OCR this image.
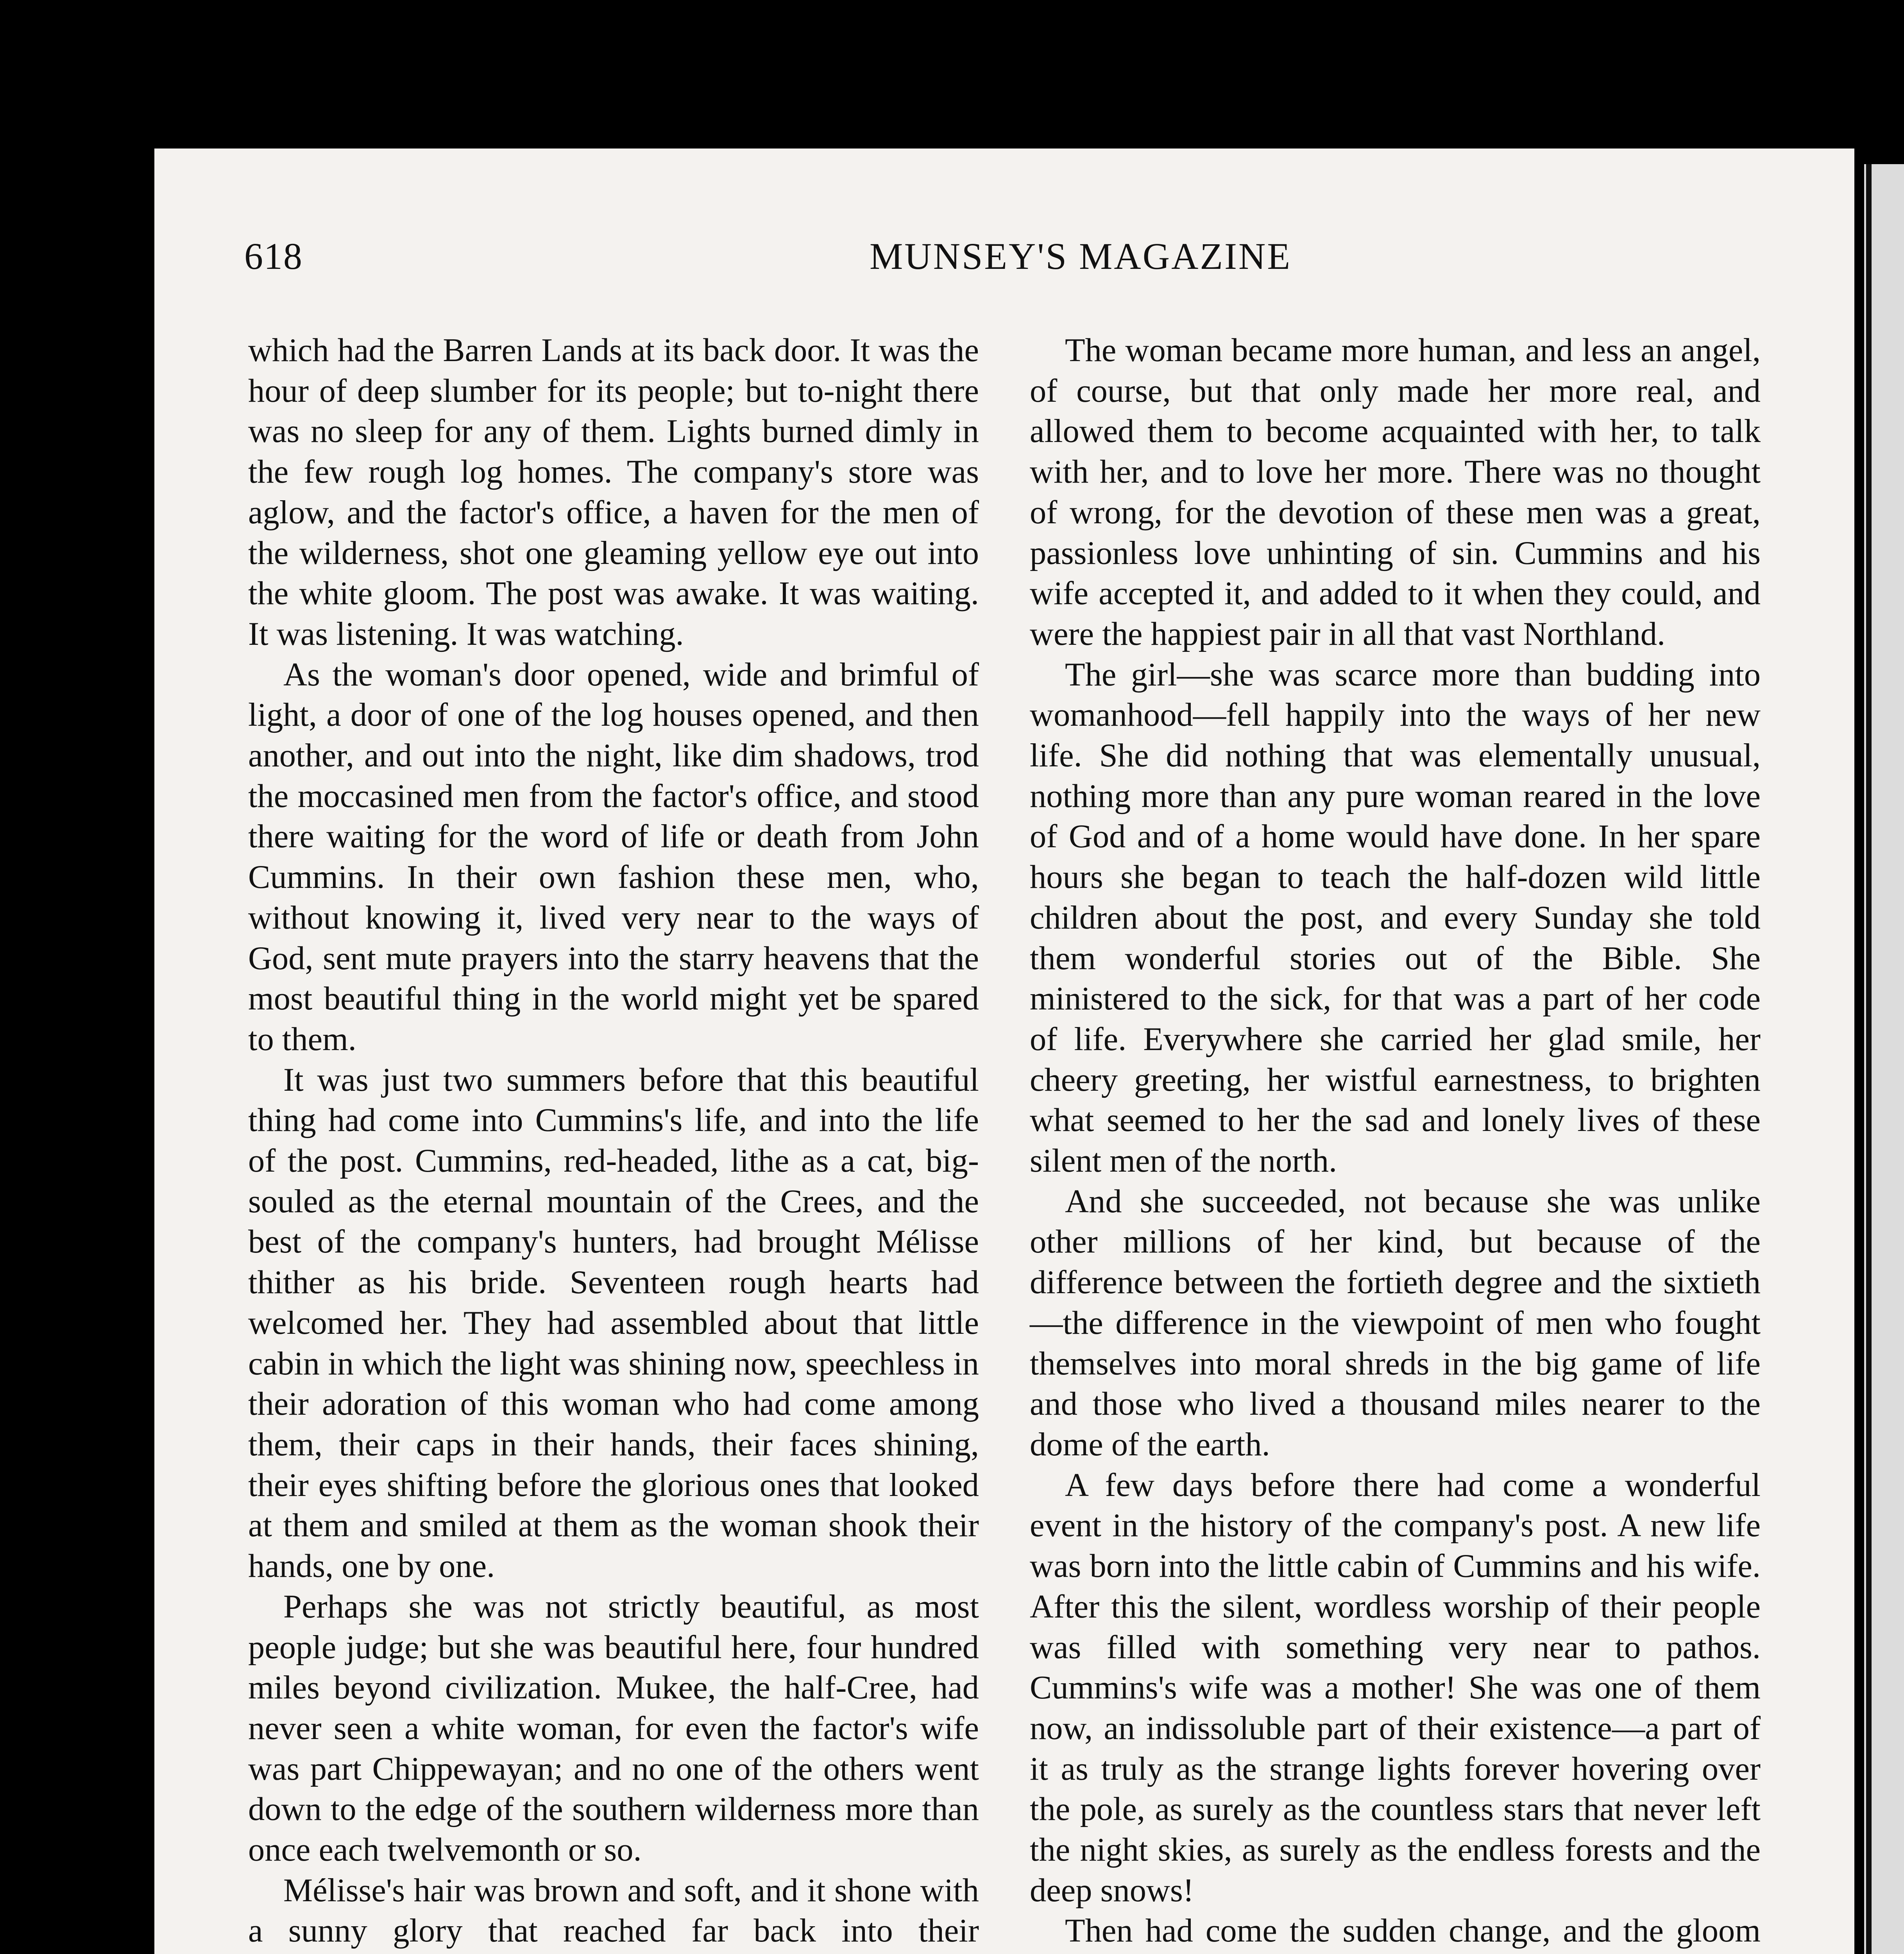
618	MUNSEY'S MAGAZINE

which had the Barren Lands at its back door. It was the hour of deep slumber for its people; but to-night there was no sleep for any of them. Lights burned dimly in the few rough log homes. The company's store was aglow, and the factor's office, a haven for the men of the wilderness, shot one gleaming yellow eye out into the white gloom. The post was awake. It was waiting. It was listening. It was watching.

As the woman's door opened, wide and brimful of light, a door of one of the log houses opened, and then another, and out into the night, like dim shadows, trod the moccasined men from the factor's office, and stood there waiting for the word of life or death from John Cummins. In their own fashion these men, who, without knowing it, lived very near to the ways of God, sent mute prayers into the starry heavens that the most beautiful thing in the world might yet be spared to them.

It was just two summers before that this beautiful thing had come into Cummins's life, and into the life of the post. Cummins, red-headed, lithe as a cat, big-souled as the eternal mountain of the Crees, and the best of the company's hunters, had brought Mélisse thither as his bride. Seventeen rough hearts had welcomed her. They had assembled about that little cabin in which the light was shining now, speechless in their adoration of this woman who had come among them, their caps in their hands, their faces shining, their eyes shifting before the glorious ones that looked at them and smiled at them as the woman shook their hands, one by one.

Perhaps she was not strictly beautiful, as most people judge; but she was beautiful here, four hundred miles beyond civilization. Mukee, the half-Cree, had never seen a white woman, for even the factor's wife was part Chippewayan; and no one of the others went down to the edge of the southern wilderness more than once each twelvemonth or so.

Mélisse's hair was brown and soft, and it shone with a sunny glory that reached far back into their

The woman became more human, and less an angel, of course, but that only made her more real, and allowed them to become acquainted with her, to talk with her, and to love her more. There was no thought of wrong, for the devotion of these men was a great, passionless love unhinting of sin. Cummins and his wife accepted it, and added to it when they could, and were the happiest pair in all that vast Northland.

The girl—she was scarce more than budding into womanhood—fell happily into the ways of her new life. She did nothing that was elementally unusual, nothing more than any pure woman reared in the love of God and of a home would have done. In her spare hours she began to teach the half-dozen wild little children about the post, and every Sunday she told them wonderful stories out of the Bible. She ministered to the sick, for that was a part of her code of life. Everywhere she carried her glad smile, her cheery greeting, her wistful earnestness, to brighten what seemed to her the sad and lonely lives of these silent men of the north.

And she succeeded, not because she was unlike other millions of her kind, but because of the difference between the fortieth degree and the sixtieth—the difference in the viewpoint of men who fought themselves into moral shreds in the big game of life and those who lived a thousand miles nearer to the dome of the earth.

A few days before there had come a wonderful event in the history of the company's post. A new life was born into the little cabin of Cummins and his wife. After this the silent, wordless worship of their people was filled with something very near to pathos. Cummins's wife was a mother! She was one of them now, an indissoluble part of their existence—a part of it as truly as the strange lights forever hovering over the pole, as surely as the countless stars that never left the night skies, as surely as the endless forests and the deep snows!

Then had come the sudden change, and the gloom
